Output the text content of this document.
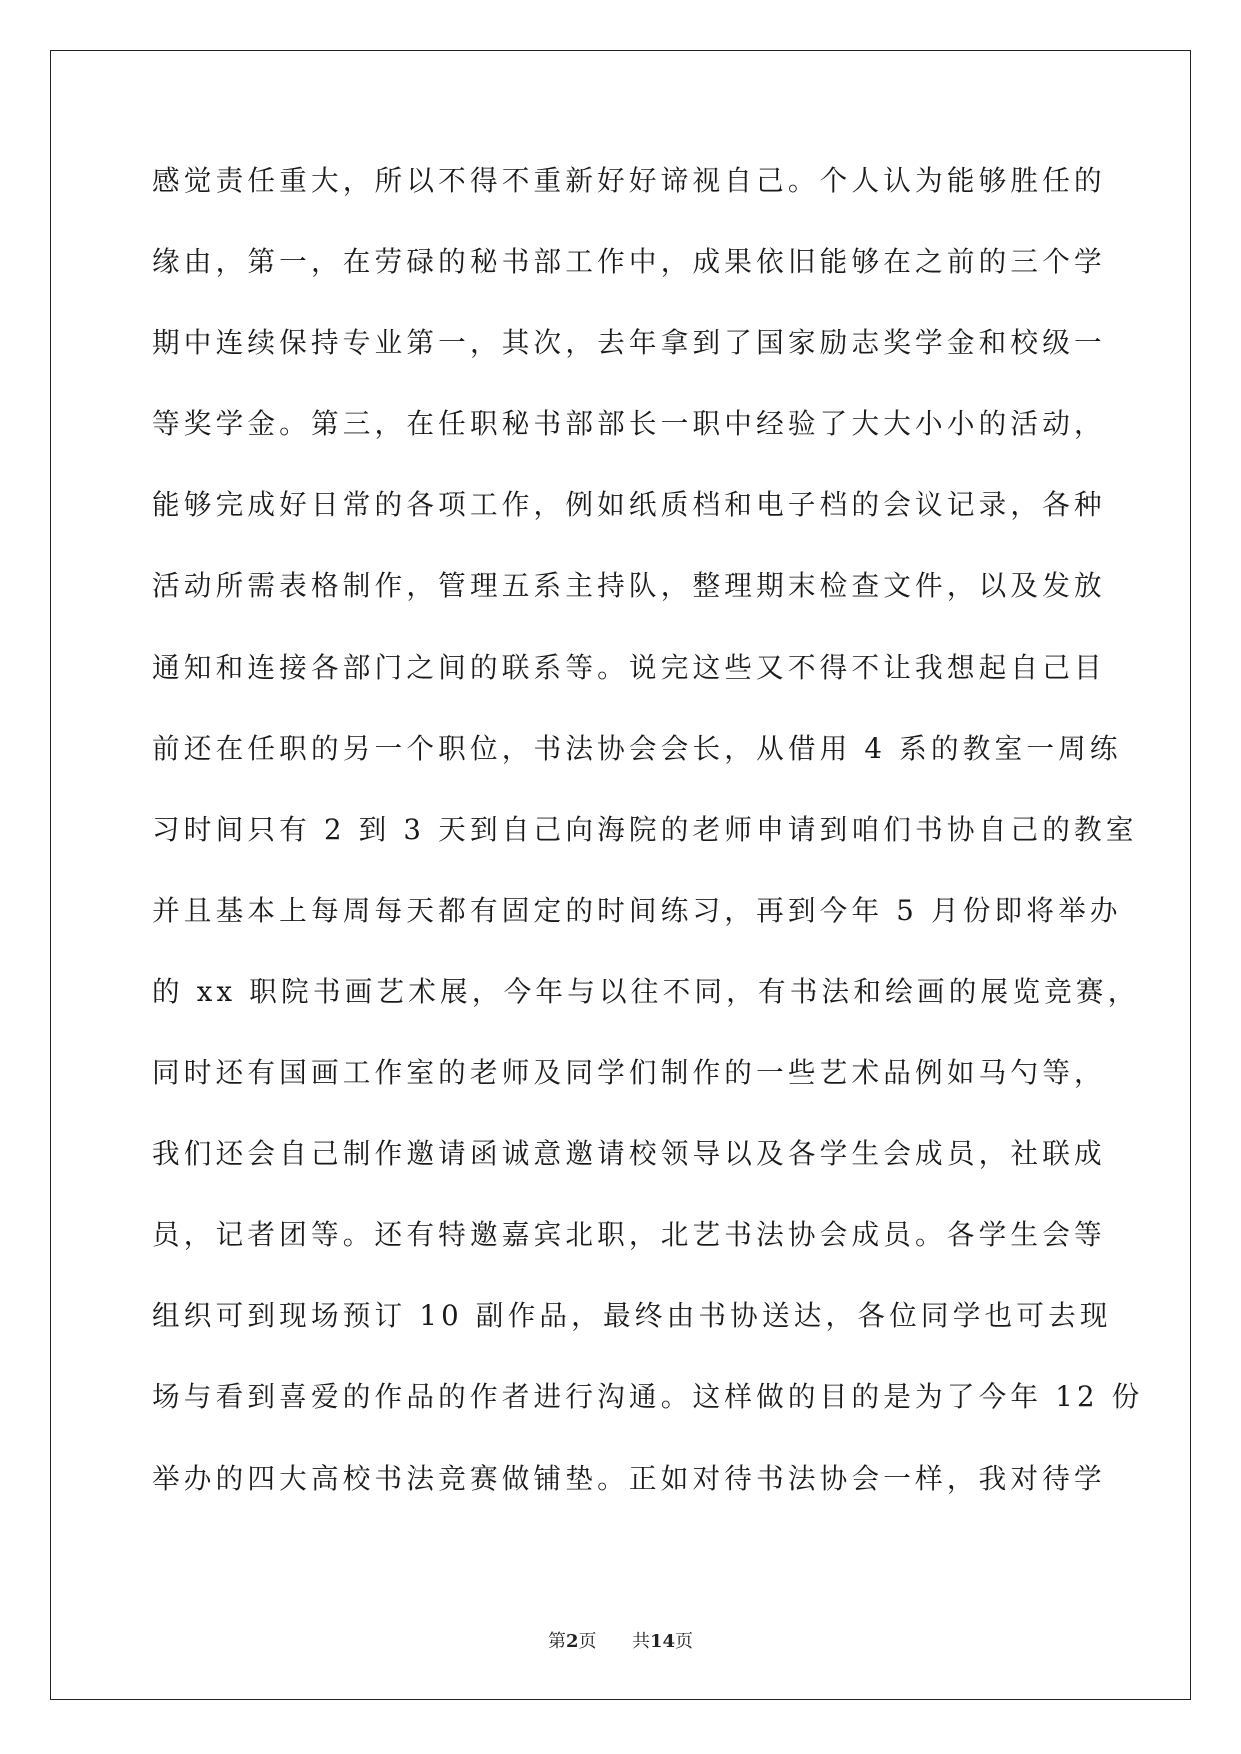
感觉责任重大，所以不得不重新好好谛视自己。个人认为能够胜任的
缘由，第一，在劳碌的秘书部工作中，成果依旧能够在之前的三个学
期中连续保持专业第一，其次，去年拿到了国家励志奖学金和校级一
等奖学金。第三，在任职秘书部部长一职中经验了大大小小的活动，
能够完成好日常的各项工作，例如纸质档和电子档的会议记录，各种
活动所需表格制作，管理五系主持队，整理期末检查文件，以及发放
通知和连接各部门之间的联系等。说完这些又不得不让我想起自己目
前还在任职的另一个职位，书法协会会长，从借用 4 系的教室一周练
习时间只有 2 到 3 天到自己向海院的老师申请到咱们书协自己的教室
并且基本上每周每天都有固定的时间练习，再到今年 5 月份即将举办
的 xx 职院书画艺术展，今年与以往不同，有书法和绘画的展览竞赛，
同时还有国画工作室的老师及同学们制作的一些艺术品例如马勺等，
我们还会自己制作邀请函诚意邀请校领导以及各学生会成员，社联成
员，记者团等。还有特邀嘉宾北职，北艺书法协会成员。各学生会等
组织可到现场预订 10 副作品，最终由书协送达，各位同学也可去现
场与看到喜爱的作品的作者进行沟通。这样做的目的是为了今年 12 份
举办的四大高校书法竞赛做铺垫。正如对待书法协会一样，我对待学
第2页 共14页
